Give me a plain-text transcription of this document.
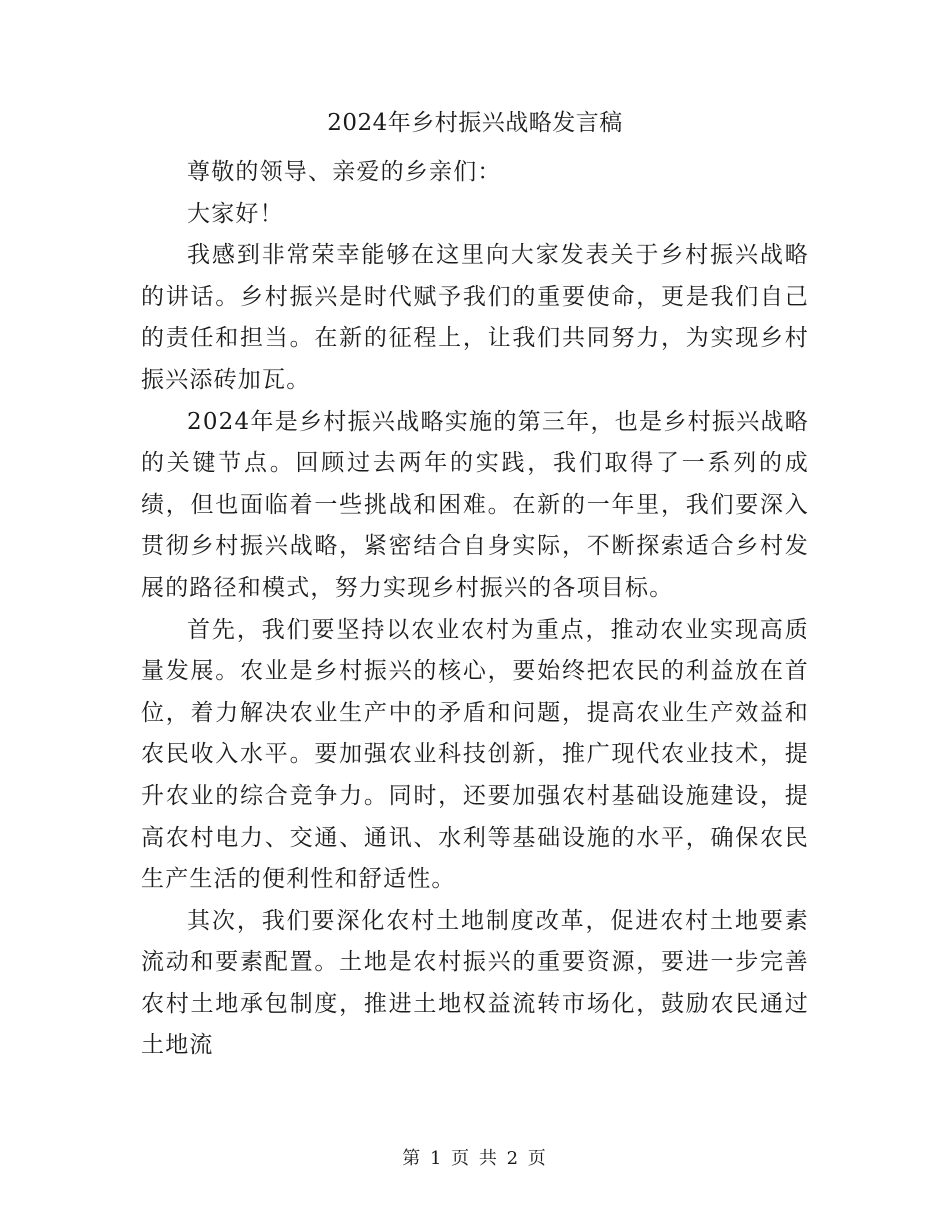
2024年乡村振兴战略发言稿

尊敬的领导、亲爱的乡亲们：

大家好！

我感到非常荣幸能够在这里向大家发表关于乡村振兴战略的讲话。乡村振兴是时代赋予我们的重要使命，更是我们自己的责任和担当。在新的征程上，让我们共同努力，为实现乡村振兴添砖加瓦。

2024年是乡村振兴战略实施的第三年，也是乡村振兴战略的关键节点。回顾过去两年的实践，我们取得了一系列的成绩，但也面临着一些挑战和困难。在新的一年里，我们要深入贯彻乡村振兴战略，紧密结合自身实际，不断探索适合乡村发展的路径和模式，努力实现乡村振兴的各项目标。

首先，我们要坚持以农业农村为重点，推动农业实现高质量发展。农业是乡村振兴的核心，要始终把农民的利益放在首位，着力解决农业生产中的矛盾和问题，提高农业生产效益和农民收入水平。要加强农业科技创新，推广现代农业技术，提升农业的综合竞争力。同时，还要加强农村基础设施建设，提高农村电力、交通、通讯、水利等基础设施的水平，确保农民生产生活的便利性和舒适性。

其次，我们要深化农村土地制度改革，促进农村土地要素流动和要素配置。土地是农村振兴的重要资源，要进一步完善农村土地承包制度，推进土地权益流转市场化，鼓励农民通过土地流

第 1 页 共 2 页
